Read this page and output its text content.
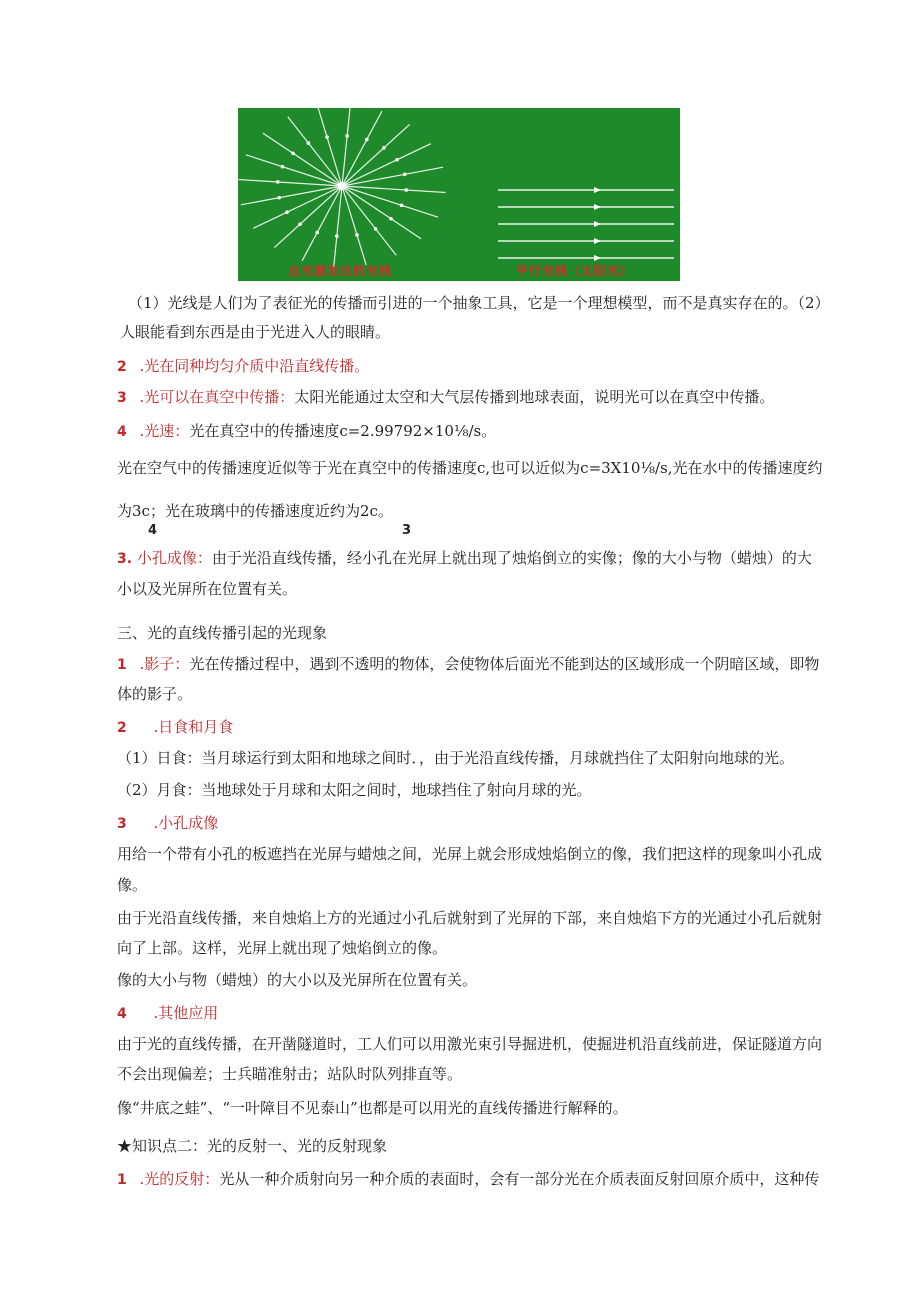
点光源发出的光线	平行光线（太阳光）
（1）光线是人们为了表征光的传播而引进的一个抽象工具，它是一个理想模型，而不是真实存在的。（2）
人眼能看到东西是由于光进入人的眼睛。
2 .光在同种均匀介质中沿直线传播。
3 .光可以在真空中传播：太阳光能通过太空和大气层传播到地球表面，说明光可以在真空中传播。
4 .光速：光在真空中的传播速度c=2.99792×10⅛/s。
光在空气中的传播速度近似等于光在真空中的传播速度c,也可以近似为c=3X10⅛/s,光在水中的传播速度约
为3c；光在玻璃中的传播速度近约为2c。
4	3
3. 小孔成像：由于光沿直线传播，经小孔在光屏上就出现了烛焰倒立的实像；像的大小与物（蜡烛）的大
小以及光屏所在位置有关。
三、光的直线传播引起的光现象
1 .影子：光在传播过程中，遇到不透明的物体，会使物体后面光不能到达的区域形成一个阴暗区域，即物
体的影子。
2 .日食和月食
（1）日食：当月球运行到太阳和地球之间时．，由于光沿直线传播，月球就挡住了太阳射向地球的光。
（2）月食：当地球处于月球和太阳之间时，地球挡住了射向月球的光。
3 .小孔成像
用给一个带有小孔的板遮挡在光屏与蜡烛之间，光屏上就会形成烛焰倒立的像，我们把这样的现象叫小孔成
像。
由于光沿直线传播，来自烛焰上方的光通过小孔后就射到了光屏的下部，来自烛焰下方的光通过小孔后就射
向了上部。这样，光屏上就出现了烛焰倒立的像。
像的大小与物（蜡烛）的大小以及光屏所在位置有关。
4 .其他应用
由于光的直线传播，在开凿隧道时，工人们可以用激光束引导掘进机，使掘进机沿直线前进，保证隧道方向
不会出现偏差；士兵瞄准射击；站队时队列排直等。
像“井底之蛙”、“一叶障目不见泰山”也都是可以用光的直线传播进行解释的。
★知识点二：光的反射一、光的反射现象
1 .光的反射：光从一种介质射向另一种介质的表面时，会有一部分光在介质表面反射回原介质中，这种传
